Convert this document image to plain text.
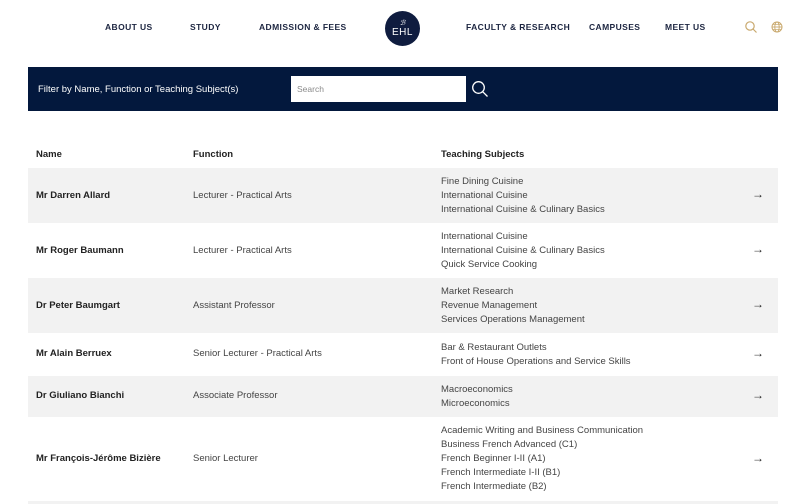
ABOUT US	STUDY	ADMISSION & FEES	ℬ
EHL	FACULTY & RESEARCH CAMPUSES	MEET US
Filter by Name, Function or Teaching Subject(s)
Search
Name	Function	Teaching Subjects
Mr Darren Allard	Lecturer - Practical Arts
Fine Dining Cuisine
International Cuisine
International Cuisine & Culinary Basics
→
Mr Roger Baumann	Lecturer - Practical Arts
International Cuisine
International Cuisine & Culinary Basics
Quick Service Cooking
→
Dr Peter Baumgart	Assistant Professor
Market Research
Revenue Management
Services Operations Management
→
Mr Alain Berruex	Senior Lecturer - Practical Arts
Bar & Restaurant Outlets
Front of House Operations and Service Skills
→
Dr Giuliano Bianchi	Associate Professor
Macroeconomics
Microeconomics
→
Mr François-Jérôme Bizière	Senior Lecturer
Academic Writing and Business Communication
Business French Advanced (C1)
French Beginner I-II (A1)
French Intermediate I-II (B1)
French Intermediate (B2)
→
